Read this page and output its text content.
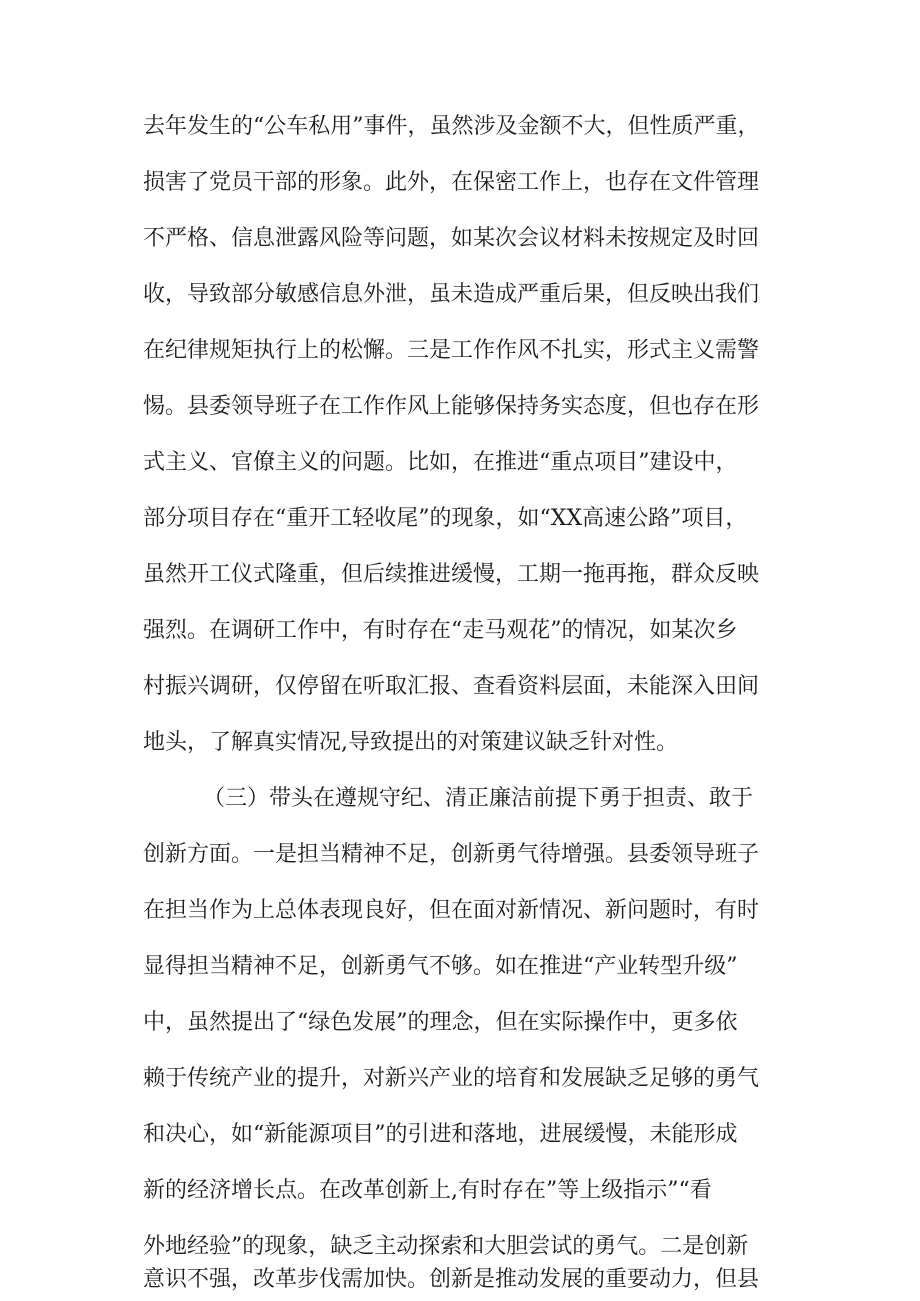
去年发生的“公车私用”事件，虽然涉及金额不大，但性质严重，
损害了党员干部的形象。此外，在保密工作上，也存在文件管理
不严格、信息泄露风险等问题，如某次会议材料未按规定及时回
收，导致部分敏感信息外泄，虽未造成严重后果，但反映出我们
在纪律规矩执行上的松懈。三是工作作风不扎实，形式主义需警
惕。县委领导班子在工作作风上能够保持务实态度，但也存在形
式主义、官僚主义的问题。比如，在推进“重点项目”建设中，
部分项目存在“重开工轻收尾”的现象，如“XX高速公路”项目，
虽然开工仪式隆重，但后续推进缓慢，工期一拖再拖，群众反映
强烈。在调研工作中，有时存在“走马观花”的情况，如某次乡
村振兴调研，仅停留在听取汇报、查看资料层面，未能深入田间
地头，了解真实情况,导致提出的对策建议缺乏针对性。
（三）带头在遵规守纪、清正廉洁前提下勇于担责、敢于
创新方面。一是担当精神不足，创新勇气待增强。县委领导班子
在担当作为上总体表现良好，但在面对新情况、新问题时，有时
显得担当精神不足，创新勇气不够。如在推进“产业转型升级”
中，虽然提出了“绿色发展”的理念，但在实际操作中，更多依
赖于传统产业的提升，对新兴产业的培育和发展缺乏足够的勇气
和决心，如“新能源项目”的引进和落地，进展缓慢，未能形成
新的经济增长点。在改革创新上,有时存在”等上级指示”“看
外地经验”的现象，缺乏主动探索和大胆尝试的勇气。二是创新
意识不强，改革步伐需加快。创新是推动发展的重要动力，但县
